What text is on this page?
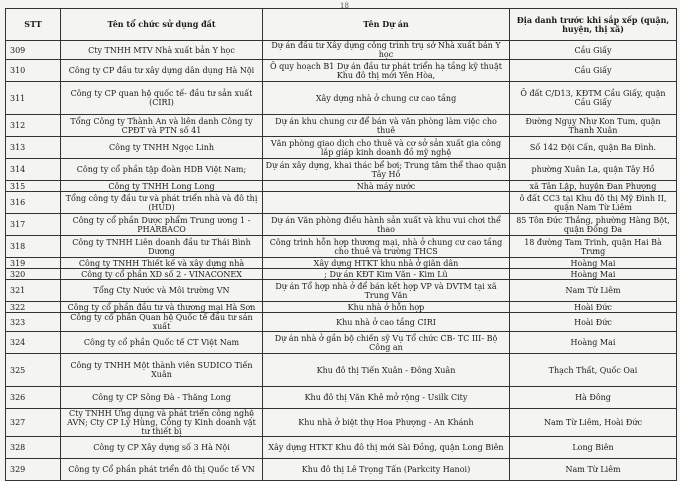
18
STT	Tên tổ chức sử dụng đất	Tên Dự án	Địa danh trước khi sắp xếp (quận, huyện, thị xã)
309	Cty TNHH MTV Nhà xuất bản Y học	Dự án đầu tư Xây dựng công trình trụ sở Nhà xuất bản Y học	Cầu Giấy
310	Công ty CP đầu tư xây dựng dân dụng Hà Nội	Ô quy hoạch B1 Dự án đầu tư phát triển hạ tầng kỹ thuật Khu đô thị mới Yên Hòa,	Cầu Giấy
311	Công ty CP quan hệ quốc tế- đầu tư sản xuất (CIRI)	Xây dựng nhà ở chung cư cao tầng	Ô đất C/D13, KĐTM Cầu Giấy, quận Cầu Giấy
312	Tổng Công ty Thành An và liên danh Công ty CPĐT và PTN số 41	Dự án khu chung cư để bán và văn phòng làm việc cho thuê	Đường Ngụy Như Kon Tum, quận Thanh Xuân
313	Công ty TNHH Ngọc Linh	Văn phòng giao dịch cho thuê và cơ sở sản xuất gia công lắp giáp kinh doanh đồ mỹ nghệ	Số 142 Đội Cấn, quận Ba Đình.
314	Công ty cổ phần tập đoàn HDB Việt Nam;	Dự án xây dựng, khai thác bể bơi; Trung tâm thể thao quận Tây Hồ	phường Xuân La, quận Tây Hồ
315	Công ty TNHH Long Long	Nhà máy nước	xã Tân Lập, huyện Đan Phượng
316	Tổng công ty đầu tư và phát triển nhà và đô thị (HUD)		ô đất CC3 tại Khu đô thị Mỹ Đình II, quận Nam Từ Liêm
317	Công ty cổ phần Dược phẩm Trung ương 1 - PHARBACO	Dự án Văn phòng điều hành sản xuất và khu vui chơi thể thao	85 Tôn Đức Thắng, phường Hàng Bột, quận Đống Đa
318	Công ty TNHH Liên doanh đầu tư Thái Bình Dương	Công trình hỗn hợp thương mại, nhà ở chung cư cao tầng cho thuê và trường THCS	18 đường Tam Trinh, quận Hai Bà Trưng
319	Công ty TNHH Thiết kế và xây dựng nhà	Xây dựng HTKT khu nhà ở giãn dân	Hoàng Mai
320	Công ty cổ phần XD số 2 - VINACONEX	; Dự án KĐT Kim Văn - Kim Lũ	Hoàng Mai
321	Tổng Cty Nước và Môi trường VN	Dự án Tổ hợp nhà ở để bán kết hợp VP và DVTM tại xã Trung Văn	Nam Từ Liêm
322	Công ty cổ phần đầu tư và thương mại Hà Sơn	Khu nhà ở hỗn hợp	Hoài Đức
323	Công ty cổ phần Quan hệ Quốc tế đầu tư sản xuất	Khu nhà ở cao tầng CIRI	Hoài Đức
324	Công ty cổ phần Quốc tế CT Việt Nam	Dự án nhà ở gần bộ chiến sỹ Vụ Tổ chức CB- TC III- Bộ Công an	Hoàng Mai
325	Công ty TNHH Một thành viên SUDICO Tiến Xuân	Khu đô thị Tiến Xuân - Đông Xuân	Thạch Thất, Quốc Oai
326	Công ty CP Sông Đà - Thăng Long	Khu đô thị Văn Khê mở rộng - Usilk City	Hà Đông
327	Cty TNHH Ứng dụng và phát triển công nghệ AVN; Cty CP Lý Hùng, Công ty Kinh doanh vật tư thiết bị	Khu nhà ở biệt thự Hoa Phượng - An Khánh	Nam Từ Liêm, Hoài Đức
328	Công ty CP Xây dựng số 3 Hà Nội	Xây dựng HTKT Khu đô thị mới Sài Đồng, quận Long Biên	Long Biên
329	Công ty Cổ phần phát triển đô thị Quốc tế VN	Khu đô thị Lê Trọng Tấn (Parkcity Hanoi)	Nam Từ Liêm
